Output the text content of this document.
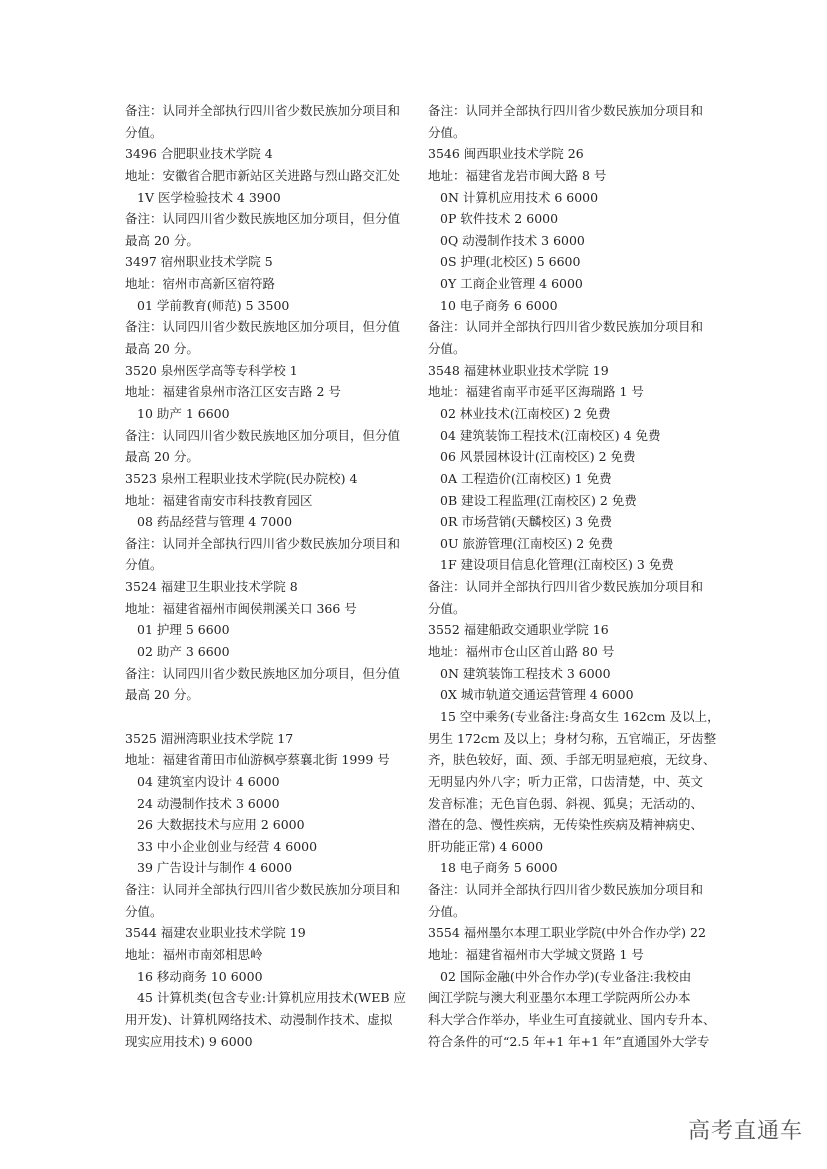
备注：认同并全部执行四川省少数民族加分项目和
分值。
3496 合肥职业技术学院 4
地址：安徽省合肥市新站区关进路与烈山路交汇处
1V 医学检验技术 4 3900
备注：认同四川省少数民族地区加分项目，但分值
最高 20 分。
3497 宿州职业技术学院 5
地址：宿州市高新区宿符路
01 学前教育(师范) 5 3500
备注：认同四川省少数民族地区加分项目，但分值
最高 20 分。
3520 泉州医学高等专科学校 1
地址：福建省泉州市洛江区安吉路 2 号
10 助产 1 6600
备注：认同四川省少数民族地区加分项目，但分值
最高 20 分。
3523 泉州工程职业技术学院(民办院校) 4
地址：福建省南安市科技教育园区
08 药品经营与管理 4 7000
备注：认同并全部执行四川省少数民族加分项目和
分值。
3524 福建卫生职业技术学院 8
地址：福建省福州市闽侯荆溪关口 366 号
01 护理 5 6600
02 助产 3 6600
备注：认同四川省少数民族地区加分项目，但分值
最高 20 分。
3525 湄洲湾职业技术学院 17
地址：福建省莆田市仙游枫亭蔡襄北街 1999 号
04 建筑室内设计 4 6000
24 动漫制作技术 3 6000
26 大数据技术与应用 2 6000
33 中小企业创业与经营 4 6000
39 广告设计与制作 4 6000
备注：认同并全部执行四川省少数民族加分项目和
分值。
3544 福建农业职业技术学院 19
地址：福州市南郊相思岭
16 移动商务 10 6000
45 计算机类(包含专业:计算机应用技术(WEB 应
用开发)、计算机网络技术、动漫制作技术、虚拟
现实应用技术) 9 6000
备注：认同并全部执行四川省少数民族加分项目和
分值。
3546 闽西职业技术学院 26
地址：福建省龙岩市闽大路 8 号
0N 计算机应用技术 6 6000
0P 软件技术 2 6000
0Q 动漫制作技术 3 6000
0S 护理(北校区) 5 6600
0Y 工商企业管理 4 6000
10 电子商务 6 6000
备注：认同并全部执行四川省少数民族加分项目和
分值。
3548 福建林业职业技术学院 19
地址：福建省南平市延平区海瑞路 1 号
02 林业技术(江南校区) 2 免费
04 建筑装饰工程技术(江南校区) 4 免费
06 风景园林设计(江南校区) 2 免费
0A 工程造价(江南校区) 1 免费
0B 建设工程监理(江南校区) 2 免费
0R 市场营销(天麟校区) 3 免费
0U 旅游管理(江南校区) 2 免费
1F 建设项目信息化管理(江南校区) 3 免费
备注：认同并全部执行四川省少数民族加分项目和
分值。
3552 福建船政交通职业学院 16
地址：福州市仓山区首山路 80 号
0N 建筑装饰工程技术 3 6000
0X 城市轨道交通运营管理 4 6000
15 空中乘务(专业备注:身高女生 162cm 及以上，
男生 172cm 及以上；身材匀称，五官端正，牙齿整
齐，肤色较好，面、颈、手部无明显疤痕，无纹身、
无明显内外八字；听力正常，口齿清楚，中、英文
发音标准；无色盲色弱、斜视、狐臭；无活动的、
潜在的急、慢性疾病，无传染性疾病及精神病史、
肝功能正常) 4 6000
18 电子商务 5 6000
备注：认同并全部执行四川省少数民族加分项目和
分值。
3554 福州墨尔本理工职业学院(中外合作办学) 22
地址：福建省福州市大学城文贤路 1 号
02 国际金融(中外合作办学)(专业备注:我校由
闽江学院与澳大利亚墨尔本理工学院两所公办本
科大学合作举办，毕业生可直接就业、国内专升本、
符合条件的可“2.5 年+1 年+1 年”直通国外大学专
高考直通车
